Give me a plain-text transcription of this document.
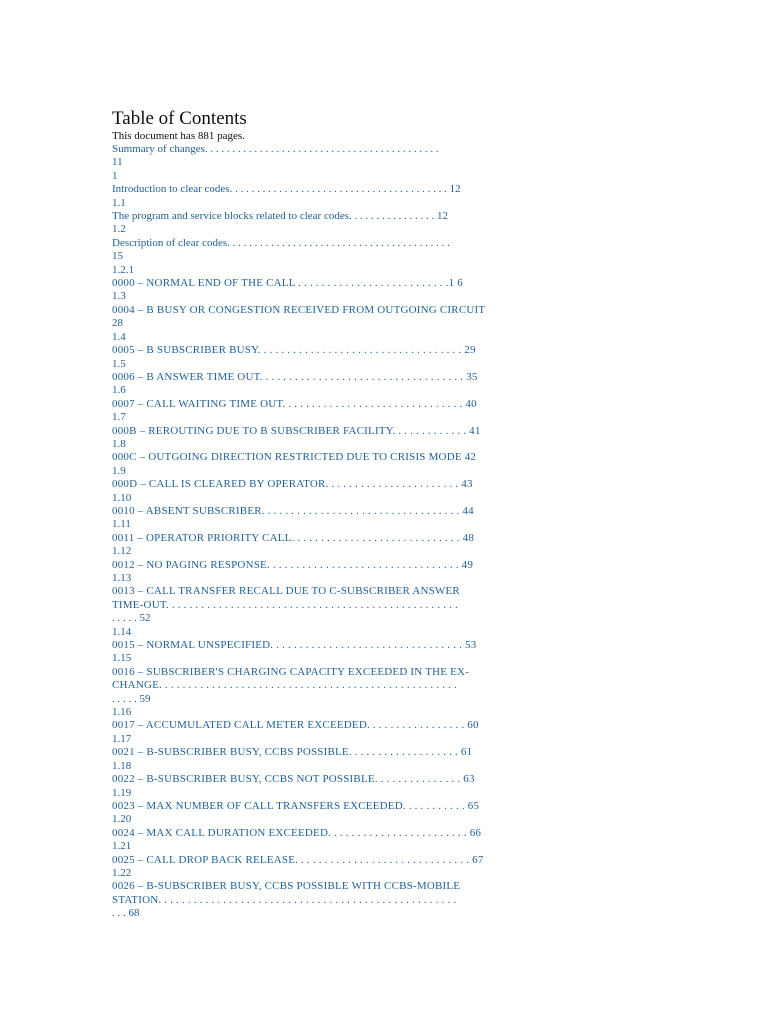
Table of Contents
This document has 881 pages.
Summary of changes. . . . . . . . . . . . . . . . . . . . . . . . . . . . . . . . . . . . . . . . . . .
11
1
Introduction to clear codes. . . . . . . . . . . . . . . . . . . . . . . . . . . . . . . . . . . . . . . . 12
1.1
The program and service blocks related to clear codes. . . . . . . . . . . . . . . . 12
1.2
Description of clear codes. . . . . . . . . . . . . . . . . . . . . . . . . . . . . . . . . . . . . . . . .
15
1.2.1
0000 – NORMAL END OF THE CALL . . . . . . . . . . . . . . . . . . . . . . . . . .1 6
1.3
0004 – B BUSY OR CONGESTION RECEIVED FROM OUTGOING CIRCUIT
28
1.4
0005 – B SUBSCRIBER BUSY. . . . . . . . . . . . . . . . . . . . . . . . . . . . . . . . . . . 29
1.5
0006 – B ANSWER TIME OUT. . . . . . . . . . . . . . . . . . . . . . . . . . . . . . . . . . . 35
1.6
0007 – CALL WAITING TIME OUT. . . . . . . . . . . . . . . . . . . . . . . . . . . . . . . 40
1.7
000B – REROUTING DUE TO B SUBSCRIBER FACILITY. . . . . . . . . . . . . 41
1.8
000C – OUTGOING DIRECTION RESTRICTED DUE TO CRISIS MODE 42
1.9
000D – CALL IS CLEARED BY OPERATOR. . . . . . . . . . . . . . . . . . . . . . . 43
1.10
0010 – ABSENT SUBSCRIBER. . . . . . . . . . . . . . . . . . . . . . . . . . . . . . . . . . 44
1.11
0011 – OPERATOR PRIORITY CALL. . . . . . . . . . . . . . . . . . . . . . . . . . . . . 48
1.12
0012 – NO PAGING RESPONSE. . . . . . . . . . . . . . . . . . . . . . . . . . . . . . . . . 49
1.13
0013 – CALL TRANSFER RECALL DUE TO C-SUBSCRIBER ANSWER
TIME-OUT. . . . . . . . . . . . . . . . . . . . . . . . . . . . . . . . . . . . . . . . . . . . . . . . . .
. . . . . 52
1.14
0015 – NORMAL UNSPECIFIED. . . . . . . . . . . . . . . . . . . . . . . . . . . . . . . . . 53
1.15
0016 – SUBSCRIBER'S CHARGING CAPACITY EXCEEDED IN THE EX-
CHANGE. . . . . . . . . . . . . . . . . . . . . . . . . . . . . . . . . . . . . . . . . . . . . . . . . . .
. . . . . 59
1.16
0017 – ACCUMULATED CALL METER EXCEEDED. . . . . . . . . . . . . . . . . 60
1.17
0021 – B-SUBSCRIBER BUSY, CCBS POSSIBLE. . . . . . . . . . . . . . . . . . . 61
1.18
0022 – B-SUBSCRIBER BUSY, CCBS NOT POSSIBLE. . . . . . . . . . . . . . . 63
1.19
0023 – MAX NUMBER OF CALL TRANSFERS EXCEEDED. . . . . . . . . . . 65
1.20
0024 – MAX CALL DURATION EXCEEDED. . . . . . . . . . . . . . . . . . . . . . . . 66
1.21
0025 – CALL DROP BACK RELEASE. . . . . . . . . . . . . . . . . . . . . . . . . . . . . . 67
1.22
0026 – B-SUBSCRIBER BUSY, CCBS POSSIBLE WITH CCBS-MOBILE
STATION. . . . . . . . . . . . . . . . . . . . . . . . . . . . . . . . . . . . . . . . . . . . . . . . . . .
. . . 68
